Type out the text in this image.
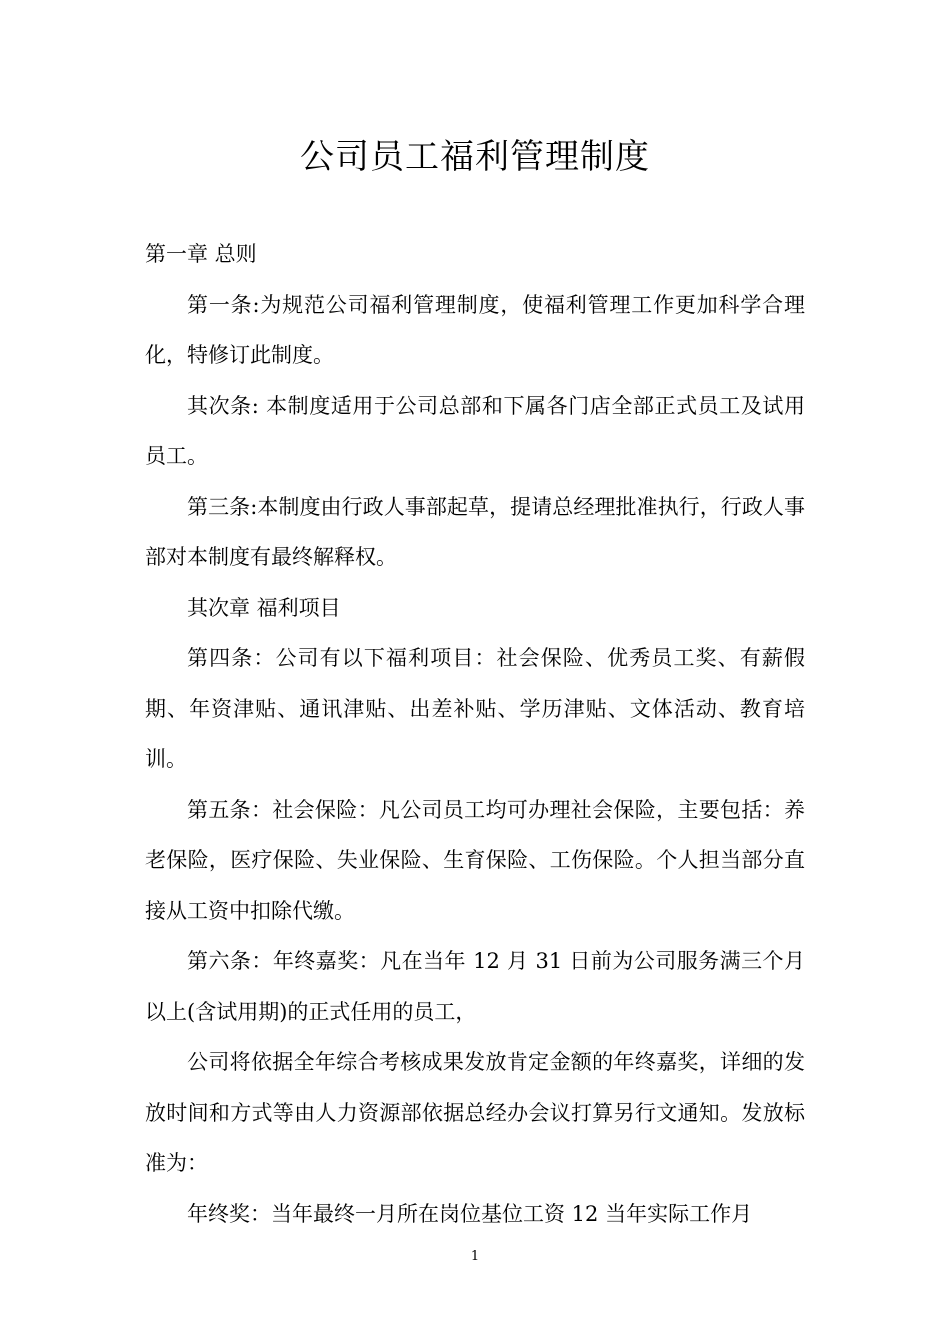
公司员工福利管理制度

第一章 总则

第一条:为规范公司福利管理制度，使福利管理工作更加科学合理化，特修订此制度。

其次条: 本制度适用于公司总部和下属各门店全部正式员工及试用员工。

第三条:本制度由行政人事部起草，提请总经理批准执行，行政人事部对本制度有最终解释权。

其次章 福利项目

第四条：公司有以下福利项目：社会保险、优秀员工奖、有薪假期、年资津贴、通讯津贴、出差补贴、学历津贴、文体活动、教育培训。

第五条：社会保险：凡公司员工均可办理社会保险，主要包括：养老保险，医疗保险、失业保险、生育保险、工伤保险。个人担当部分直接从工资中扣除代缴。

第六条：年终嘉奖：凡在当年 12 月 31 日前为公司服务满三个月以上(含试用期)的正式任用的员工，

公司将依据全年综合考核成果发放肯定金额的年终嘉奖，详细的发放时间和方式等由人力资源部依据总经办会议打算另行文通知。发放标准为：

年终奖：当年最终一月所在岗位基位工资 12 当年实际工作月

1
